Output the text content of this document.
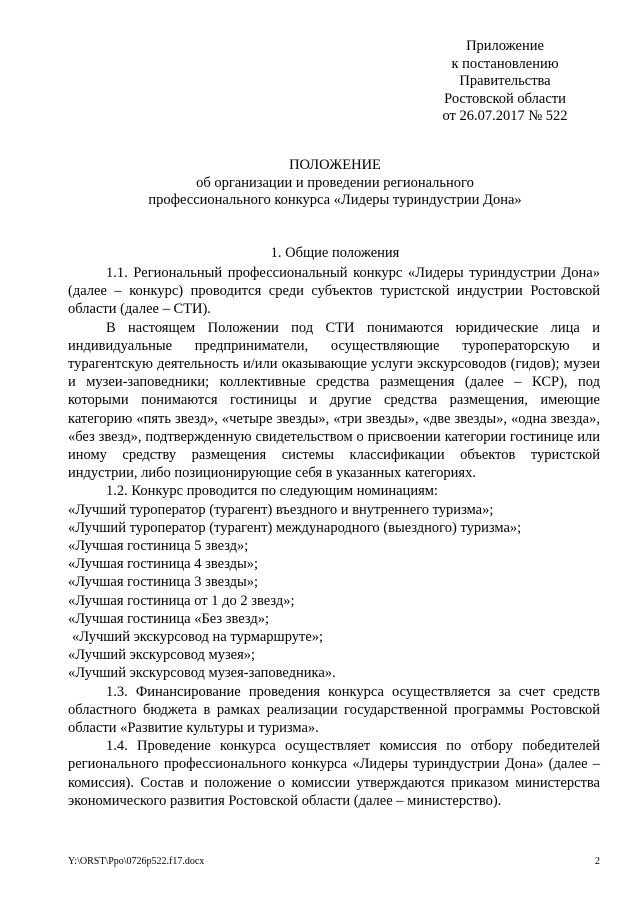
Приложение
к постановлению
Правительства
Ростовской области
от 26.07.2017 № 522
ПОЛОЖЕНИЕ
об организации и проведении регионального
профессионального конкурса «Лидеры туриндустрии Дона»
1. Общие положения

1.1. Региональный профессиональный конкурс «Лидеры туриндустрии Дона» (далее – конкурс) проводится среди субъектов туристской индустрии Ростовской области (далее – СТИ).

В настоящем Положении под СТИ понимаются юридические лица и индивидуальные предприниматели, осуществляющие туроператорскую и турагентскую деятельность и/или оказывающие услуги экскурсоводов (гидов); музеи и музеи-заповедники; коллективные средства размещения (далее – КСР), под которыми понимаются гостиницы и другие средства размещения, имеющие категорию «пять звезд», «четыре звезды», «три звезды», «две звезды», «одна звезда», «без звезд», подтвержденную свидетельством о присвоении категории гостинице или иному средству размещения системы классификации объектов туристской индустрии, либо позиционирующие себя в указанных категориях.

1.2. Конкурс проводится по следующим номинациям:

«Лучший туроператор (турагент) въездного и внутреннего туризма»;

«Лучший туроператор (турагент) международного (выездного) туризма»;

«Лучшая гостиница 5 звезд»;

«Лучшая гостиница 4 звезды»;

«Лучшая гостиница 3 звезды»;

«Лучшая гостиница от 1 до 2 звезд»;

«Лучшая гостиница «Без звезд»;

«Лучший экскурсовод на турмаршруте»;

«Лучший экскурсовод музея»;

«Лучший экскурсовод музея-заповедника».

1.3. Финансирование проведения конкурса осуществляется за счет средств областного бюджета в рамках реализации государственной программы Ростовской области «Развитие культуры и туризма».

1.4. Проведение конкурса осуществляет комиссия по отбору победителей регионального профессионального конкурса «Лидеры туриндустрии Дона» (далее – комиссия). Состав и положение о комиссии утверждаются приказом министерства экономического развития Ростовской области (далее – министерство).

Y:\ORST\Ppo\0726p522.f17.docx	2
